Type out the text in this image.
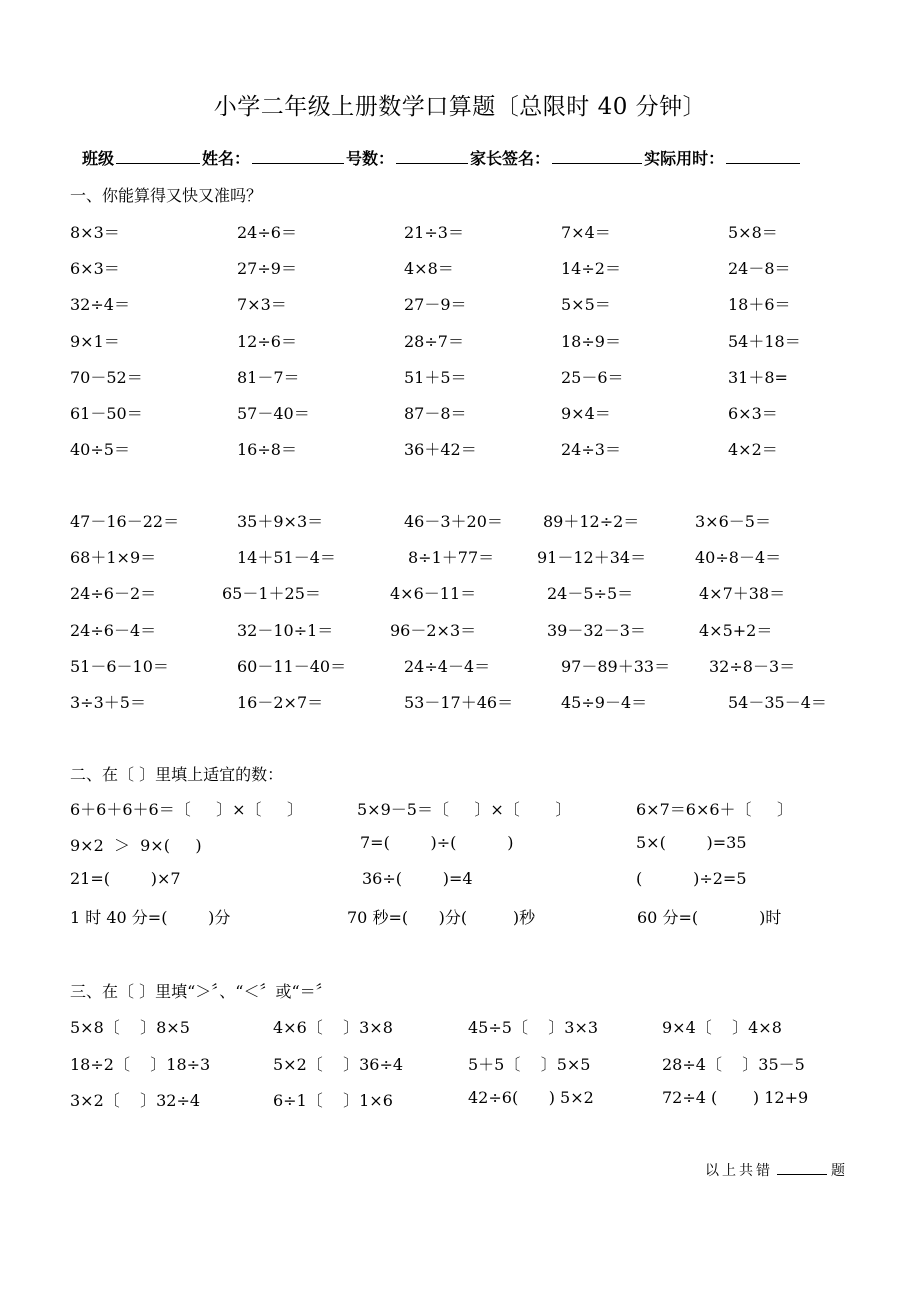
小学二年级上册数学口算题〔总限时 40 分钟〕
班级	姓名：	号数：	家长签名：	实际用时：
一、你能算得又快又准吗？
8×3＝	24÷6＝	21÷3＝	7×4＝	5×8＝
6×3＝	27÷9＝	4×8＝	14÷2＝	24－8＝
32÷4＝	7×3＝	27－9＝	5×5＝	18＋6＝
9×1＝	12÷6＝	28÷7＝	18÷9＝	54＋18＝
70－52＝	81－7＝	51＋5＝	25－6＝	31＋8=
61－50＝	57－40＝	87－8＝	9×4＝	6×3＝
40÷5＝	16÷8＝	36＋42＝	24÷3＝	4×2＝
47－16－22＝	35＋9×3＝	46－3＋20＝	89＋12÷2＝	3×6－5＝
68＋1×9＝	14＋51－4＝	8÷1＋77＝	91－12＋34＝	40÷8－4＝
24÷6－2＝	65－1＋25＝	4×6－11＝	24－5÷5＝	4×7＋38＝
24÷6－4＝	32－10÷1＝	96－2×3＝	39－32－3＝	4×5+2＝
51－6－10＝	60－11－40＝	24÷4－4＝	97－89＋33＝ 32÷8－3＝
3÷3＋5＝	16－2×7＝	53－17＋46＝	45÷9－4＝	54－35－4＝
二、在〔 〕里填上适宜的数：
6＋6＋6＋6＝〔     〕×〔     〕	5×9－5＝〔     〕×〔       〕	6×7＝6×6＋〔     〕
9×2  ＞  9×(     )	7=(        )÷(          )	5×(        )=35
21=(        )×7	36÷(        )=4	(          )÷2=5
1 时 40 分=(        )分	70 秒=(      )分(         )秒	60 分=(            )时
三、在〔 〕里填“＞〞、“＜〞或“＝〞
5×8〔    〕8×5	4×6〔    〕3×8	45÷5〔    〕3×3	9×4〔    〕4×8
18÷2〔    〕18÷3	5×2〔    〕36÷4	5＋5〔    〕5×5	28÷4〔    〕35－5
3×2〔    〕32÷4	6÷1〔    〕1×6	42÷6(      ) 5×2	72÷4 (       ) 12+9
以上共错	题
